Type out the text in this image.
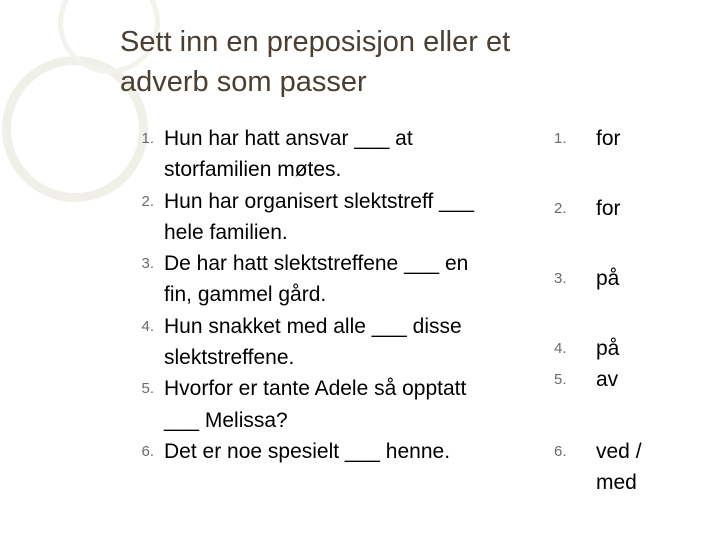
Sett inn en preposisjon eller et
adverb som passer
1. Hun har hatt ansvar ___ at
storfamilien møtes.
2. Hun har organisert slektstreff ___
hele familien.
3. De har hatt slektstreffene ___ en
fin, gammel gård.
4. Hun snakket med alle ___ disse
slektstreffene.
5. Hvorfor er tante Adele så opptatt
___ Melissa?
6. Det er noe spesielt ___ henne.
1.	for
2.	for
3.	på
4.	på
5.	av
6.	ved /
med
